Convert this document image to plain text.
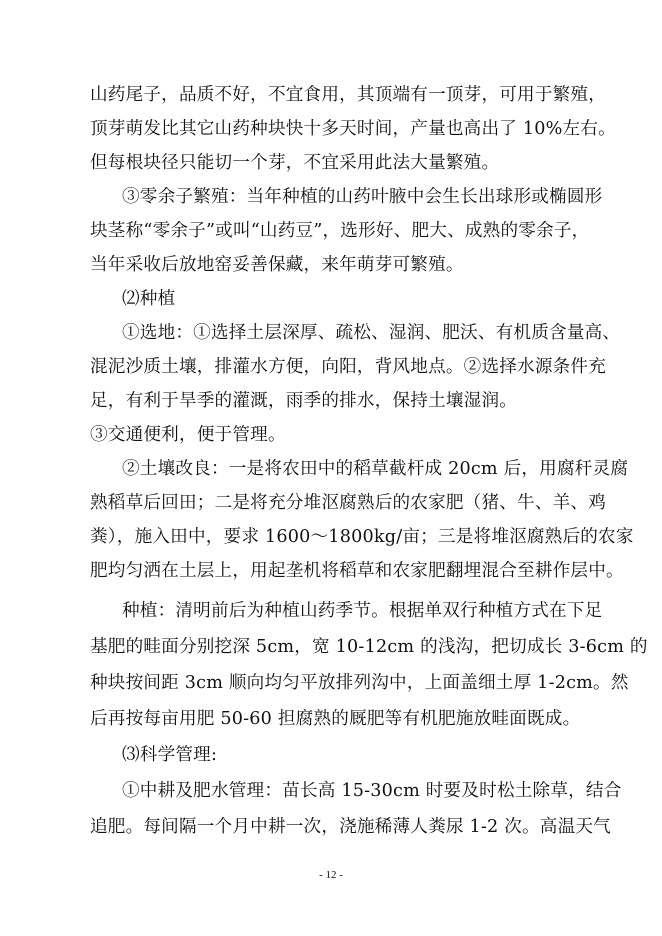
山药尾子，品质不好，不宜食用，其顶端有一顶芽，可用于繁殖，
顶芽萌发比其它山药种块快十多天时间，产量也高出了 10%左右。
但每根块径只能切一个芽，不宜采用此法大量繁殖。
③零余子繁殖：当年种植的山药叶腋中会生长出球形或椭圆形
块茎称“零余子”或叫“山药豆”，选形好、肥大、成熟的零余子，
当年采收后放地窑妥善保藏，来年萌芽可繁殖。
⑵种植
①选地：①选择土层深厚、疏松、湿润、肥沃、有机质含量高、
混泥沙质土壤，排灌水方便，向阳，背风地点。②选择水源条件充
足，有利于旱季的灌溉，雨季的排水，保持土壤湿润。
③交通便利，便于管理。
②土壤改良：一是将农田中的稻草截杆成 20cm 后，用腐秆灵腐
熟稻草后回田；二是将充分堆沤腐熟后的农家肥（猪、牛、羊、鸡
粪），施入田中，要求 1600～1800kg/亩；三是将堆沤腐熟后的农家
肥均匀洒在土层上，用起垄机将稻草和农家肥翻埋混合至耕作层中。
种植：清明前后为种植山药季节。根据单双行种植方式在下足
基肥的畦面分别挖深 5cm，宽 10-12cm 的浅沟，把切成长 3-6cm 的
种块按间距 3cm 顺向均匀平放排列沟中，上面盖细土厚 1-2cm。然
后再按每亩用肥 50-60 担腐熟的厩肥等有机肥施放畦面既成。
⑶科学管理:
①中耕及肥水管理：苗长高 15-30cm 时要及时松土除草，结合
追肥。每间隔一个月中耕一次，浇施稀薄人粪尿 1-2 次。高温天气
- 12 -
